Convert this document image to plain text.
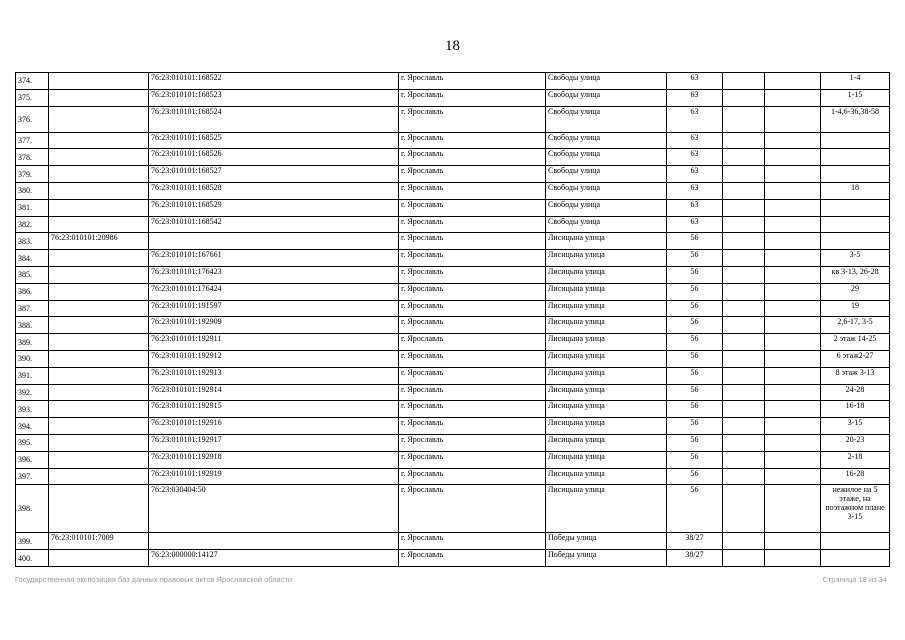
18
374.		76:23:010101:168522	г. Ярославль	Свободы улица	63			1-4
375.		76:23:010101:168523	г. Ярославль	Свободы улица	63			1-15
376.		76:23:010101:168524	г. Ярославль	Свободы улица	63			1-4,6-36,38-58
377.		76:23:010101:168525	г. Ярославль	Свободы улица	63			
378.		76:23:010101:168526	г. Ярославль	Свободы улица	63			
379.		76:23:010101:168527	г. Ярославль	Свободы улица	63			
380.		76:23:010101:168528	г. Ярославль	Свободы улица	63			18
381.		76:23:010101:168529	г. Ярославль	Свободы улица	63			
382.		76:23:010101:168542	г. Ярославль	Свободы улица	63			
383.	76:23:010101:20986		г. Ярославль	Лисицына улица	56			
384.		76:23:010101:167661	г. Ярославль	Лисицына улица	56			3-5
385.		76:23:010101:176423	г. Ярославль	Лисицына улица	56			кв 3-13, 26-28
386.		76:23:010101:176424	г. Ярославль	Лисицына улица	56			29
387.		76:23:010101:191597	г. Ярославль	Лисицына улица	56			19
388.		76:23:010101:192909	г. Ярославль	Лисицына улица	56			2,6-17, 3-5
389.		76:23:010101:192911	г. Ярославль	Лисицына улица	56			2 этаж 14-25
390.		76:23:010101:192912	г. Ярославль	Лисицына улица	56			6 этаж2-27
391.		76:23:010101:192913	г. Ярославль	Лисицына улица	56			8 этаж 3-13
392.		76:23:010101:192914	г. Ярославль	Лисицына улица	56			24-28
393.		76:23:010101:192915	г. Ярославль	Лисицына улица	56			16-18
394.		76:23:010101:192916	г. Ярославль	Лисицына улица	56			3-15
395.		76:23:010101:192917	г. Ярославль	Лисицына улица	56			20-23
396.		76:23:010101:192918	г. Ярославль	Лисицына улица	56			2-18
397.		76:23:010101:192919	г. Ярославль	Лисицына улица	56			16-28
398.		76:23:030404:50	г. Ярославль	Лисицына улица	56			нежилое на 5 этаже, на поэтажном плане 3-15
399.	76:23:010101:7009		г. Ярославль	Победы улица	38/27			
400.		76:23:000000:14127	г. Ярославль	Победы улица	38/27			
Государственная экспозиция баз данных правовых актов Ярославской области	Страница 18 из 34
